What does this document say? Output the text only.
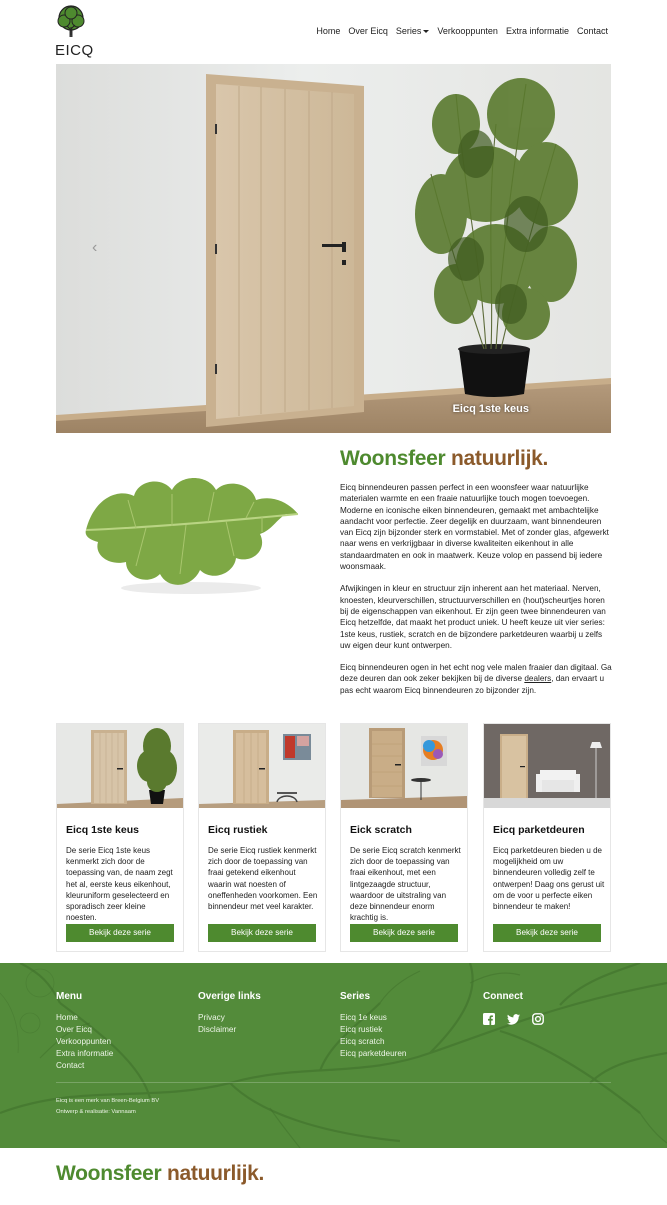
EICQ
Home Over Eicq Series	Verkooppunten Extra informatie Contact
‹
Eicq 1ste keus
Woonsfeer natuurlijk.

Eicq binnendeuren passen perfect in een woonsfeer waar natuurlijke materialen warmte en een fraaie natuurlijke touch mogen toevoegen. Moderne en iconische eiken binnendeuren, gemaakt met ambachtelijke aandacht voor perfectie. Zeer degelijk en duurzaam, want binnendeuren van Eicq zijn bijzonder sterk en vormstabiel. Met of zonder glas, afgewerkt naar wens en verkrijgbaar in diverse kwaliteiten eikenhout in alle standaardmaten en ook in maatwerk. Keuze volop en passend bij iedere woonsmaak.

Afwijkingen in kleur en structuur zijn inherent aan het materiaal. Nerven, knoesten, kleurverschillen, structuurverschillen en (hout)scheurtjes horen bij de eigenschappen van eikenhout. Er zijn geen twee binnendeuren van Eicq hetzelfde, dat maakt het product uniek. U heeft keuze uit vier series: 1ste keus, rustiek, scratch en de bijzondere parketdeuren waarbij u zelfs uw eigen deur kunt ontwerpen.

Eicq binnendeuren ogen in het echt nog vele malen fraaier dan digitaal. Ga deze deuren dan ook zeker bekijken bij de diverse dealers, dan ervaart u pas echt waarom Eicq binnendeuren zo bijzonder zijn.

Eicq 1ste keus
De serie Eicq 1ste keus kenmerkt zich door de toepassing van, de naam zegt het al, eerste keus eikenhout, kleuruniform geselecteerd en sporadisch zeer kleine noesten.
Bekijk deze serie
Eicq rustiek
De serie Eicq rustiek kenmerkt zich door de toepassing van fraai getekend eikenhout waarin wat noesten of oneffenheden voorkomen. Een binnendeur met veel karakter.
Bekijk deze serie
Eick scratch
De serie Eicq scratch kenmerkt zich door de toepassing van fraai eikenhout, met een lintgezaagde structuur, waardoor de uitstraling van deze binnendeur enorm krachtig is.
Bekijk deze serie
Eicq parketdeuren
Eicq parketdeuren bieden u de mogelijkheid om uw binnendeuren volledig zelf te ontwerpen! Daag ons gerust uit om de voor u perfecte eiken binnendeur te maken!
Bekijk deze serie
Menu
Home
Over Eicq
Verkooppunten
Extra informatie
Contact
Overige links
Privacy
Disclaimer
Series
Eicq 1e keus
Eicq rustiek
Eicq scratch
Eicq parketdeuren
Connect
Eicq is een merk van Breen-Belgium BV
Ontwerp & realisatie: Vannaam
Woonsfeer natuurlijk.
